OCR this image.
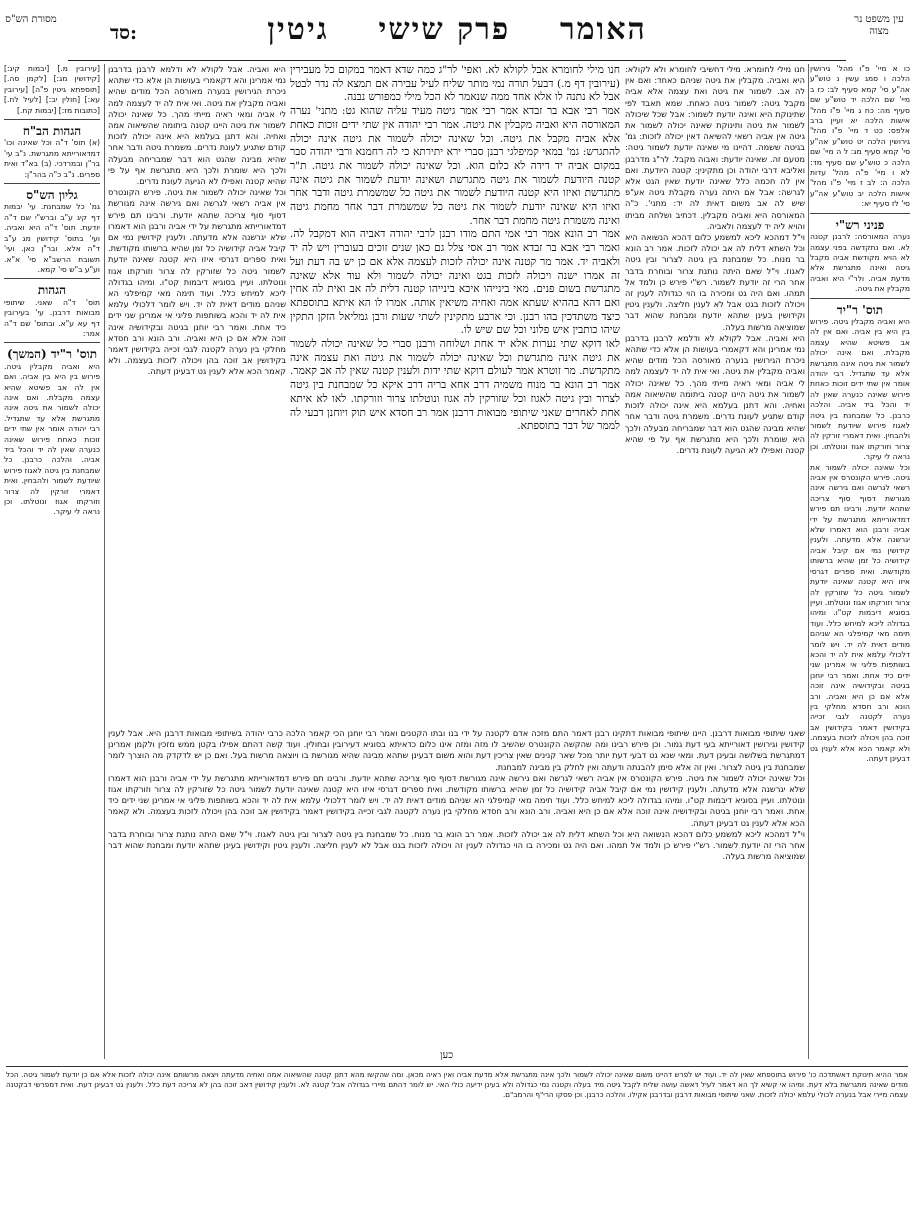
מסורת הש"ס
סד:	האומר    פרק שישי    גיטין	עין משפט נר מצוה

כו א מיי' פ"ו מהל' גירושין הלכה ו סמג עשין נ טוש"ע אה"ע סי' קמא סעיף לב: כז ב מיי' שם הלכה יד טוש"ע שם סעיף מה: כח ג מיי' פ"ו מהל' אישות הלכה יא ועיין ברב אלפס: כט ד מיי' פ"ו מהל' גירושין הלכה יט טוש"ע אה"ע סי' קמא סעיף מג: ל ה מיי' שם הלכה כ טוש"ע שם סעיף מד: לא ו מיי' פ"ה מהל' עדות הלכה ה: לב ז מיי' פ"ו מהל' אישות הלכה יב טוש"ע אה"ע סי' לז סעיף יא:

פניני רש"י

נערה המאורסה: לרבנן קטנה לא. ואם נתקדשה בפני עצמה לא הויא מקודשת אביה מקבל גיטה ואינה מתגרשת אלא מדעת אביה. ולר"י היא ואביה מקבלין את גיטה.

תוס' ר"יד

היא ואביה מקבלין גיטה. פירוש בין היא בין אביה. ואם אין לה אב פשיטא שהיא עצמה מקבלת. ואם אינה יכולה לשמור את גיטה אינה מתגרשת אלא עד שתגדיל. רבי יהודה אומר אין שתי ידים זוכות כאחת פירוש שאינה כנערה שאין לה יד והכל ביד אביה. והלכה כרבנן. כל שמבחנת בין גיטה לאגוז פירוש שיודעת לשמור ולהבחין. ואית דאמרי זורקין לה צרור וזורקתו אגוז ונוטלתו. וכן נראה לי עיקר.

וכל שאינה יכולה לשמור את גיטה. פירש הקונטרס אין אביה רשאי לגרשה ואם גירשה אינה מגורשת דסוף סוף צריכה שתהא יודעת. ורבינו תם פירש דמדאורייתא מתגרשת על ידי אביה ורבנן הוא דאמרו שלא יגרשנה אלא מדעתה. ולענין קידושין נמי אם קיבל אביה קידושיה כל זמן שהיא ברשותו מקודשת. ואית ספרים דגרסי איזו היא קטנה שאינה יודעת לשמור גיטה כל שזורקין לה צרור וזורקתו אגוז ונוטלתו. ועיין בסוגיא דיבמות קט"ו. ומיהו בגדולה ליכא למיחש כלל. ועוד תימה מאי קמיפלגי הא שניהם מודים דאית לה יד. ויש לומר דלכולי עלמא אית לה יד והכא בשותפות פליגי אי אמרינן שני ידים כיד אחת. ואמר רבי יוחנן בגיטה ובקידושיה אינה זוכה אלא אם כן היא ואביה. ורב הונא ורב חסדא מחלקי בין נערה לקטנה לגבי זכייה בקידושין דאמר בקידושין אב זוכה בהן ויכולה לזכות בעצמה. ולא קאמר הכא אלא לענין גט דבעינן דעתה.

חנו מילי לחומרא. מילי דחשיבי לחומרא ולא לקולא: היא ואביה. מקבלין את גיטה שניהם כאחד: ואם אין לה אב. לשמור את גיטה ואת עצמה אלא אביה מקבל גיטה: לשמור גיטה כאחת. שמא תאבד לפי שתינוקת היא ואינה יודעת לשמור: אבל שכל שיכולה לשמור את גיטה ותינוקת שאינה יכולה לשמור את גיטה אין אביה רשאי להשיאה דאין יכולה לזכות: גמ' בגיטה ששמה. דהיינו מי שאינה יודעת לשמור גיטה: מטעם זה. שאינה יודעת: ואבוה מקבל. לר"ג מדרבנן ואליבא דרבי יהודה וכן מתקינין: קטנה היודעת. ואם אין לה חכמה כלל שאינה יודעת שאין הגט אלא לגרשה: אבל אם היתה נערה מקבלת גיטה אע"פ שיש לה אב משום דאית לה יד: מתני'. כ"ה המאורסה היא ואביה מקבלין. דכתיב ושלחה מביתו והויא ליה יד לעצמה ולאביה.

וי"ל דמהכא ליכא למשמע כלום דהכא הנשואה היא וכל השתא דלית לה אב יכולה לזכות. אמר רב הונא בר מנוח. כל שמבחנת בין גיטה לצרור ובין גיטה לאגוז. וי"ל שאם היתה נותנת צרור ובוחרת בדבר אחר הרי זה יודעת לשמור. רש"י פירש כן ולמד אל תמהו. ואם היה גט ומכירה בו הוי כגדולה לענין זה ויכולה לזכות בגט אבל לא לענין חליצה. ולענין גיטין וקידושין בעינן שתהא יודעת ומבחנת שהוא דבר שמוציאה מרשות בעלה.

היא ואביה. אבל לקולא לא ודלמא לרבנן בדרבנן נמי אמרינן והא דקאמרי בעושות הן אלא כדי שתהא ניכרת הגירושין בנערה מאורסה הכל מודים שהיא ואביה מקבלין את גיטה. ואי אית לה יד לעצמה למה לי אביה ומאי ראיה מייתי מהך. כל שאינה יכולה לשמור את גיטה היינו קטנה ביתומה שהשיאוה אמה ואחיה. והא דתנן בעלמא היא אינה יכולה לזכות קודם שתגיע לעונת נדרים. משמרת גיטה ודבר אחר שהיא מבינה שהגט הוא דבר שמבריחה מבעלה ולכך היא שומרת ולכך היא מתגרשת אף על פי שהיא קטנה ואפילו לא הגיעה לעונת נדרים.

חנו מילי לחומרא אבל לקולא לא. ואפי' לר"ג כמה שדא דאמר במקום כל מעבירין (עירובין דף מ.) דבעל תורה נמי מותר שליח לעיל עבירה אם תמצא לה נדר לבטל אבל לא נתנה לו אלא אחד ממה שנאמר לא הכל מילי כמפורש נבנה.

אמר רבי אבא בר זבדא אמר רבי אמר גיטה מעיד עליה שהוא גט: מתני' נערה המאורסה היא ואביה מקבלין את גיטה. אמר רבי יהודה אין שתי ידים זוכות כאחת אלא אביה מקבל את גיטה. וכל שאינה יכולה לשמור את גיטה אינה יכולה להתגרש: גמ' במאי קמיפלגי רבנן סברי ירא יתירתא כי לה רחמנא ורבי יהודה סבר במקום אביה יד דידה לא כלום הוא. וכל שאינה יכולה לשמור את גיטה. ת"ר קטנה היודעת לשמור את גיטה מתגרשת ושאינה יודעת לשמור את גיטה אינה מתגרשת ואיזו היא קטנה היודעת לשמור את גיטה כל שמשמרת גיטה ודבר אחר ואיזו היא שאינה יודעת לשמור את גיטה כל שמשמרת דבר אחר מחמת גיטה ואינה משמרת גיטה מחמת דבר אחר.

אמר רב הונא אמר רבי אמי התם מודו רבנן לרבי יהודה דאביה הוא דמקבל לה. ואמר רבי אבא בר זבדא אמר רב אסי צלל גם כאן שנים זוכים בעוברין ויש לה יד ולאביה יד. אמר מר קטנה אינה יכולה לזכות לעצמה אלא אם כן יש בה דעת ועל זה אמרו ישנה ויכולה לזכות בגט ואינה יכולה לשמור ולא עוד אלא שאינה מתגרשת בשום פנים. מאי בינייהו איכא בינייהו קטנה דלית לה אב ואית לה אחין ואם דהא בההיא שעתא אמה ואחיה משיאין אותה. אמרו לו הא איתא בתוספתא כיצד משתדכין בהו רבנן. וכי ארבע מתקינין לשתי שעות ורבן גמליאל הזקן התקין שיהו כותבין איש פלוני וכל שם שיש לו.

לאו דוקא שתי נערות אלא יד אחת ושלוחה ורבנן סברי כל שאינה יכולה לשמור את גיטה אינה מתגרשת וכל שאינה יכולה לשמור את גיטה ואת עצמה אינה מתקדשת. מר זוטרא אמר לעולם דוקא שתי ידות ולענין קטנה שאין לה אב קאמר. אמר רב הונא בר מנוח משמיה דרב אחא בריה דרב איקא כל שמבחנת בין גיטה לצרור ובין גיטה לאגוז וכל שזורקין לה אגוז ונוטלתו צרור וזורקתו. לאו לא איתא אחת לאחרים שאני שיתופי מבואות דרבנן אמר רב חסדא איש תוק ויוחנן דבעי לה לממר של דבר בתוספתא.

היא ואביה. אבל לקולא לא ודלמא לרבנן בדרבנן נמי אמרינן והא דקאמרי בעושות הן אלא כדי שתהא ניכרת הגירושין בנערה מאורסה הכל מודים שהיא ואביה מקבלין את גיטה. ואי אית לה יד לעצמה למה לי אביה ומאי ראיה מייתי מהך. כל שאינה יכולה לשמור את גיטה היינו קטנה ביתומה שהשיאוה אמה ואחיה. והא דתנן בעלמא היא אינה יכולה לזכות קודם שתגיע לעונת נדרים. משמרת גיטה ודבר אחר שהיא מבינה שהגט הוא דבר שמבריחה מבעלה ולכך היא שומרת ולכך היא מתגרשת אף על פי שהיא קטנה ואפילו לא הגיעה לעונת נדרים.

וכל שאינה יכולה לשמור את גיטה. פירש הקונטרס אין אביה רשאי לגרשה ואם גירשה אינה מגורשת דסוף סוף צריכה שתהא יודעת. ורבינו תם פירש דמדאורייתא מתגרשת על ידי אביה ורבנן הוא דאמרו שלא יגרשנה אלא מדעתה. ולענין קידושין נמי אם קיבל אביה קידושיה כל זמן שהיא ברשותו מקודשת. ואית ספרים דגרסי איזו היא קטנה שאינה יודעת לשמור גיטה כל שזורקין לה צרור וזורקתו אגוז ונוטלתו. ועיין בסוגיא דיבמות קט"ו. ומיהו בגדולה ליכא למיחש כלל. ועוד תימה מאי קמיפלגי הא שניהם מודים דאית לה יד. ויש לומר דלכולי עלמא אית לה יד והכא בשותפות פליגי אי אמרינן שני ידים כיד אחת. ואמר רבי יוחנן בגיטה ובקידושיה אינה זוכה אלא אם כן היא ואביה. ורב הונא ורב חסדא מחלקי בין נערה לקטנה לגבי זכייה בקידושין דאמר בקידושין אב זוכה בהן ויכולה לזכות בעצמה. ולא קאמר הכא אלא לענין גט דבעינן דעתה.

שאני שיתופי מבואות דרבנן. היינו שיתופי מבואות דתקינו רבנן דאמר התם מזכה אדם לקטנה על ידי בנו ובתו הקטנים ואמר רבי יוחנן הכי קאמר הלכה כרבי יהודה בשיתופי מבואות דרבנן היא. אבל לענין קידושין וגירושין דאורייתא בעי דעת גמור. וכן פירש רבינו ומה שהקשה הקונטרס שהשיב לו מזה ומזה אינו כלום כדאיתא בסוגיא דעירובין ובחולין. ועוד קשה דהתם אפילו בקטן ממש מזכין ולקמן אמרינן דמתגרשת בשלושה ובעינן דעת. ומאי שנא גט דבעי דעת יותר מכל שאר קנינים שאין צריכין דעת והוא משום דבעינן שתהא מבינה שהיא מגורשת בו ויוצאה מרשות בעל. ואם כן יש לדקדק מה הוצרך לומר שמבחנת בין גיטה לצרור. ואין זה אלא סימן להבנתה ודעתה ואין לחלק בין מבינה למבחנת.

וכל שאינה יכולה לשמור את גיטה. פירש הקונטרס אין אביה רשאי לגרשה ואם גירשה אינה מגורשת דסוף סוף צריכה שתהא יודעת. ורבינו תם פירש דמדאורייתא מתגרשת על ידי אביה ורבנן הוא דאמרו שלא יגרשנה אלא מדעתה. ולענין קידושין נמי אם קיבל אביה קידושיה כל זמן שהיא ברשותו מקודשת. ואית ספרים דגרסי איזו היא קטנה שאינה יודעת לשמור גיטה כל שזורקין לה צרור וזורקתו אגוז ונוטלתו. ועיין בסוגיא דיבמות קט"ו. ומיהו בגדולה ליכא למיחש כלל. ועוד תימה מאי קמיפלגי הא שניהם מודים דאית לה יד. ויש לומר דלכולי עלמא אית לה יד והכא בשותפות פליגי אי אמרינן שני ידים כיד אחת. ואמר רבי יוחנן בגיטה ובקידושיה אינה זוכה אלא אם כן היא ואביה. ורב הונא ורב חסדא מחלקי בין נערה לקטנה לגבי זכייה בקידושין דאמר בקידושין אב זוכה בהן ויכולה לזכות בעצמה. ולא קאמר הכא אלא לענין גט דבעינן דעתה.

וי"ל דמהכא ליכא למשמע כלום דהכא הנשואה היא וכל השתא דלית לה אב יכולה לזכות. אמר רב הונא בר מנוח. כל שמבחנת בין גיטה לצרור ובין גיטה לאגוז. וי"ל שאם היתה נותנת צרור ובוחרת בדבר אחר הרי זה יודעת לשמור. רש"י פירש כן ולמד אל תמהו. ואם היה גט ומכירה בו הוי כגדולה לענין זה ויכולה לזכות בגט אבל לא לענין חליצה. ולענין גיטין וקידושין בעינן שתהא יודעת ומבחנת שהוא דבר שמוציאה מרשות בעלה.

[עירובין מ.] [יבמות קיג:] [קידושין מג:] [לקמן סה.] [תוספתא גיטין פ"ה] [עירובין עא:] [חולין יב:] [לעיל לח.] [כתובות מז:] [יבמות קח.]

הגהות הב"ח

(א) תוס' ד"ה וכל שאינה וכו' דמדאורייתא מתגרשת. נ"ב עי' בר"ן ובמרדכי. (ב) בא"ד ואית ספרים. נ"ב כ"ה בהר"ן:

גליון הש"ס

גמ' כל שמבחנת. עי' יבמות דף קיג ע"ב וברש"י שם ד"ה יודעת. תוס' ד"ה היא ואביה. ועי' בתוס' קידושין מג ע"ב ד"ה אלא. ובר"ן כאן. ועי' תשובת הרשב"א סי' א"א. וע"ע ב"ש סי' קמא.

הגהות

תוס' ד"ה שאני. שיתופי מבואות דרבנן. עי' בעירובין דף עא ע"א. ובתוס' שם ד"ה אמר:

תוס' ר"יד (המשך)

היא ואביה מקבלין גיטה. פירוש בין היא בין אביה. ואם אין לה אב פשיטא שהיא עצמה מקבלת. ואם אינה יכולה לשמור את גיטה אינה מתגרשת אלא עד שתגדיל. רבי יהודה אומר אין שתי ידים זוכות כאחת פירוש שאינה כנערה שאין לה יד והכל ביד אביה. והלכה כרבנן. כל שמבחנת בין גיטה לאגוז פירוש שיודעת לשמור ולהבחין. ואית דאמרי זורקין לה צרור וזורקתו אגוז ונוטלתו. וכן נראה לי עיקר.

אמר ההיא תינוקת דאשתדכה כו' פירוש בתוספתא שאין לה יד. ועוד יש לפרש דהיינו משום שאינה יכולה לשמור ולכך אינה מתגרשת אלא מדעת אביה ואין ראיה מכאן. ומה שהקשו מהא דתנן קטנה שהשיאוה אמה ואחיה מדעתה ויצאה מרשותם אינה יכולה לזכות אלא אם כן יודעת לשמור גיטה. הכל מודים שאינה מתגרשת בלא דעת. ומיהו אי קשיא לך הא דאמר לעיל דאשה עושה שליח לקבל גיטה מיד בעלה וקטנה נמי כגדולה ולא בעינן ידיעה כולי האי. יש לומר דהתם מיירי בגדולה אבל קטנה לא. ולענין קידושין דאב זוכה בהן לא צריכה דעת כלל. ולענין גט דבעינן דעת. ואית דמפרשי דבקטנה עצמה מיירי אבל בנערה לכולי עלמא יכולה לזכות. שאני שיתופי מבואות דרבנן ובדרבנן אקילו. והלכה כרבנן. וכן פסקו הרי"ף והרמב"ם.
כען
